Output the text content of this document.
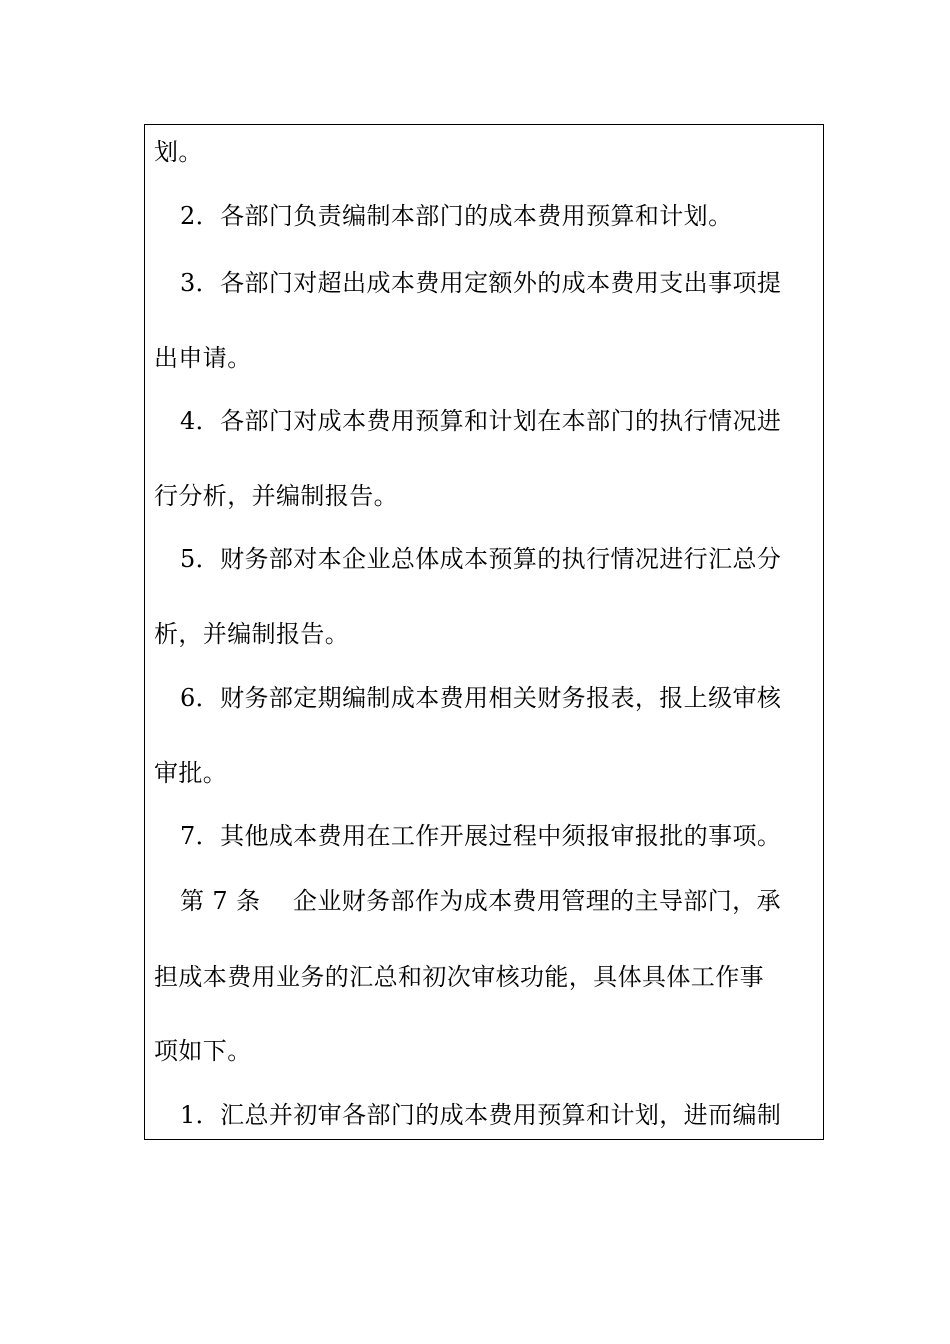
划。
2．各部门负责编制本部门的成本费用预算和计划。
3．各部门对超出成本费用定额外的成本费用支出事项提
出申请。
4．各部门对成本费用预算和计划在本部门的执行情况进
行分析，并编制报告。
5．财务部对本企业总体成本预算的执行情况进行汇总分
析，并编制报告。
6．财务部定期编制成本费用相关财务报表，报上级审核
审批。
7．其他成本费用在工作开展过程中须报审报批的事项。
第 7 条　 企业财务部作为成本费用管理的主导部门，承
担成本费用业务的汇总和初次审核功能，具体具体工作事
项如下。
1．汇总并初审各部门的成本费用预算和计划，进而编制
